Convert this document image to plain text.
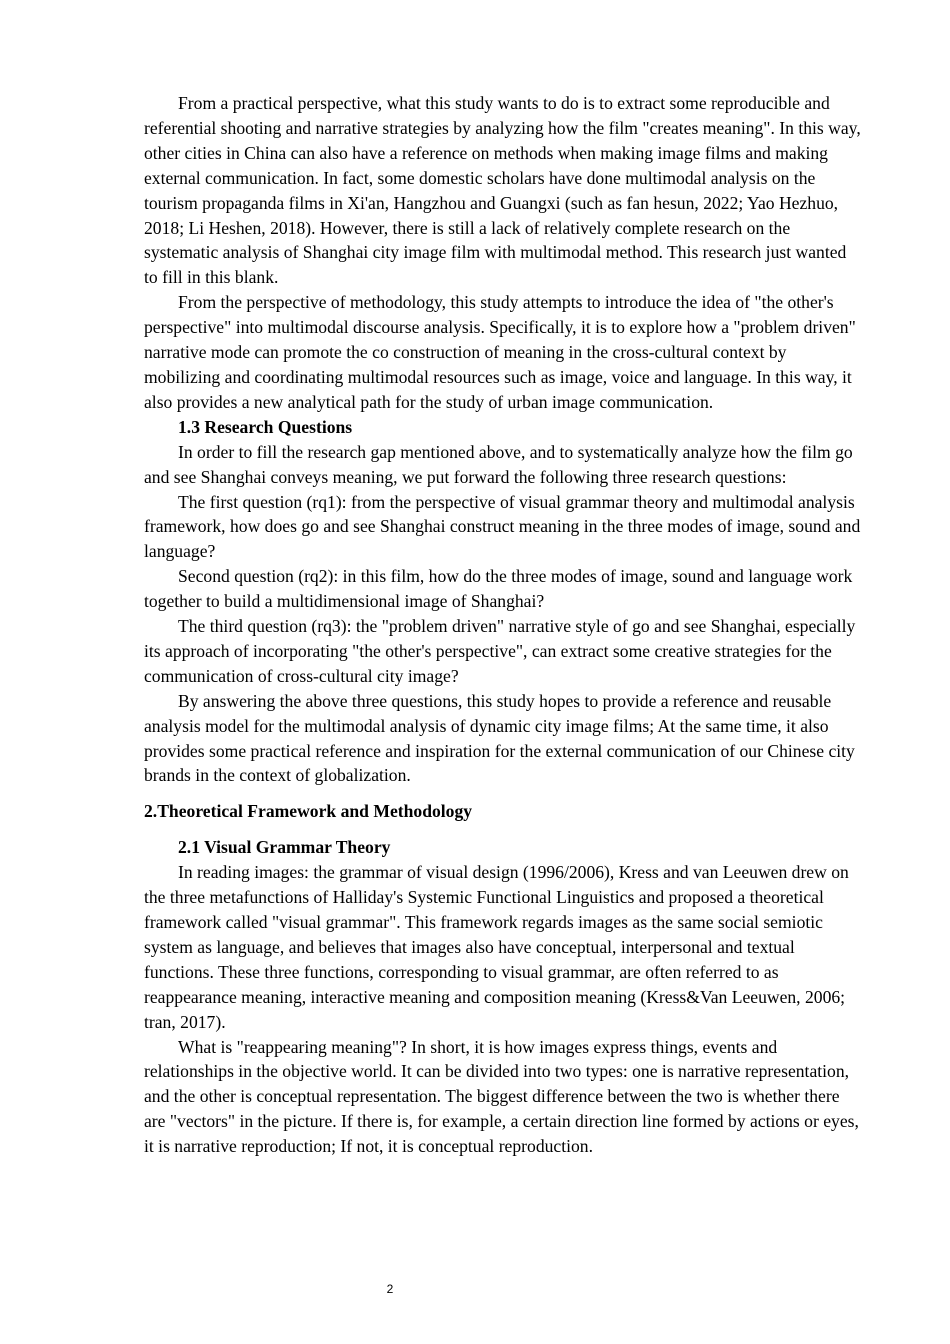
From a practical perspective, what this study wants to do is to extract some reproducible and referential shooting and narrative strategies by analyzing how the film "creates meaning". In this way, other cities in China can also have a reference on methods when making image films and making external communication. In fact, some domestic scholars have done multimodal analysis on the tourism propaganda films in Xi'an, Hangzhou and Guangxi (such as fan hesun, 2022; Yao Hezhuo, 2018; Li Heshen, 2018). However, there is still a lack of relatively complete research on the systematic analysis of Shanghai city image film with multimodal method. This research just wanted to fill in this blank.

From the perspective of methodology, this study attempts to introduce the idea of "the other's perspective" into multimodal discourse analysis. Specifically, it is to explore how a "problem driven" narrative mode can promote the co construction of meaning in the cross-cultural context by mobilizing and coordinating multimodal resources such as image, voice and language. In this way, it also provides a new analytical path for the study of urban image communication.

1.3 Research Questions

In order to fill the research gap mentioned above, and to systematically analyze how the film go and see Shanghai conveys meaning, we put forward the following three research questions:

The first question (rq1): from the perspective of visual grammar theory and multimodal analysis framework, how does go and see Shanghai construct meaning in the three modes of image, sound and language?

Second question (rq2): in this film, how do the three modes of image, sound and language work together to build a multidimensional image of Shanghai?

The third question (rq3): the "problem driven" narrative style of go and see Shanghai, especially its approach of incorporating "the other's perspective", can extract some creative strategies for the communication of cross-cultural city image?

By answering the above three questions, this study hopes to provide a reference and reusable analysis model for the multimodal analysis of dynamic city image films; At the same time, it also provides some practical reference and inspiration for the external communication of our Chinese city brands in the context of globalization.

2.Theoretical Framework and Methodology

2.1 Visual Grammar Theory

In reading images: the grammar of visual design (1996/2006), Kress and van Leeuwen drew on the three metafunctions of Halliday's Systemic Functional Linguistics and proposed a theoretical framework called "visual grammar". This framework regards images as the same social semiotic system as language, and believes that images also have conceptual, interpersonal and textual functions. These three functions, corresponding to visual grammar, are often referred to as reappearance meaning, interactive meaning and composition meaning (Kress&Van Leeuwen, 2006; tran, 2017).

What is "reappearing meaning"? In short, it is how images express things, events and relationships in the objective world. It can be divided into two types: one is narrative representation, and the other is conceptual representation. The biggest difference between the two is whether there are "vectors" in the picture. If there is, for example, a certain direction line formed by actions or eyes, it is narrative reproduction; If not, it is conceptual reproduction.

2
